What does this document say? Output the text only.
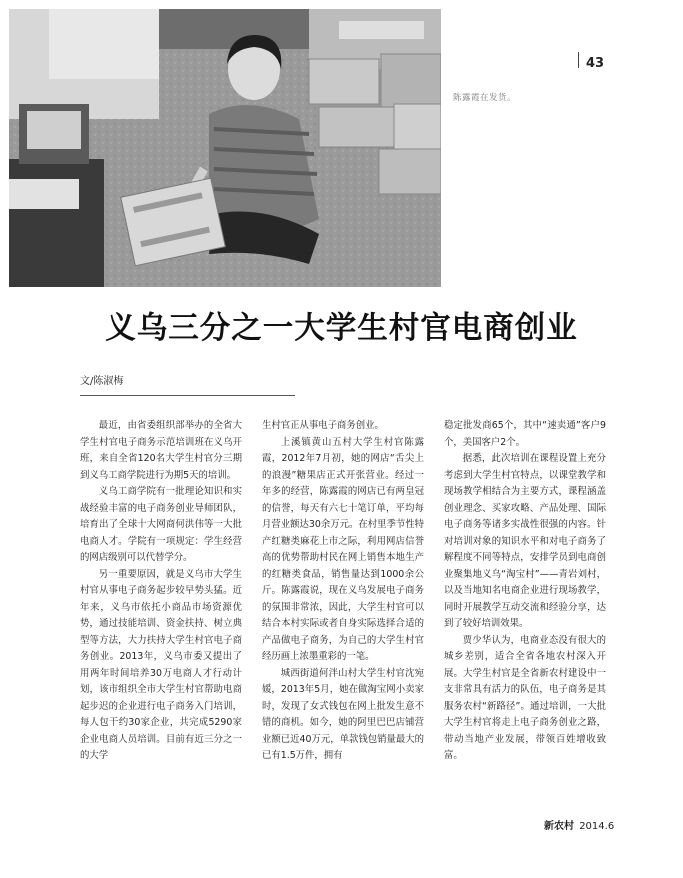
43
陈露霞在发货。
义乌三分之一大学生村官电商创业
文/陈淑梅

最近，由省委组织部举办的全省大学生村官电子商务示范培训班在义乌开班，来自全省120名大学生村官分三期到义乌工商学院进行为期5天的培训。

义乌工商学院有一批理论知识和实战经验丰富的电子商务创业导师团队，培育出了全球十大网商何洪伟等一大批电商人才。学院有一项规定：学生经营的网店级别可以代替学分。

另一重要原因，就是义乌市大学生村官从事电子商务起步较早势头猛。近年来，义乌市依托小商品市场资源优势，通过技能培训、资金扶持、树立典型等方法，大力扶持大学生村官电子商务创业。2013年，义乌市委又提出了用两年时间培养30万电商人才行动计划，该市组织全市大学生村官帮助电商起步迟的企业进行电子商务入门培训，每人包干约30家企业，共完成5290家企业电商人员培训。目前有近三分之一的大学

生村官正从事电子商务创业。

上溪镇黄山五村大学生村官陈露霞，2012年7月初，她的网店“舌尖上的浪漫”糖果店正式开张营业。经过一年多的经营，陈露霞的网店已有两皇冠的信誉，每天有六七十笔订单，平均每月营业额达30余万元。在村里季节性特产红糖类麻花上市之际，利用网店信誉高的优势帮助村民在网上销售本地生产的红糖类食品，销售量达到1000余公斤。陈露霞说，现在义乌发展电子商务的氛围非常浓，因此，大学生村官可以结合本村实际或者自身实际选择合适的产品做电子商务，为自己的大学生村官经历画上浓墨重彩的一笔。

城西街道何泮山村大学生村官沈宛媛，2013年5月，她在做淘宝网小卖家时，发现了女式钱包在网上批发生意不错的商机。如今，她的阿里巴巴店铺营业额已近40万元，单款钱包销量最大的已有1.5万件，拥有

稳定批发商65个，其中“速卖通”客户9个，美国客户2个。

据悉，此次培训在课程设置上充分考虑到大学生村官特点，以课堂教学和现场教学相结合为主要方式，课程涵盖创业理念、买家攻略、产品处理、国际电子商务等诸多实战性很强的内容。针对培训对象的知识水平和对电子商务了解程度不同等特点，安排学员到电商创业聚集地义乌“淘宝村”——青岩刘村，以及当地知名电商企业进行现场教学，同时开展教学互动交流和经验分享，达到了较好培训效果。

贾少华认为，电商业态没有很大的城乡差别，适合全省各地农村深入开展。大学生村官是全省新农村建设中一支非常具有活力的队伍，电子商务是其服务农村“新路径”。通过培训，一大批大学生村官将走上电子商务创业之路，带动当地产业发展，带领百姓增收致富。

新农村 2014.6
